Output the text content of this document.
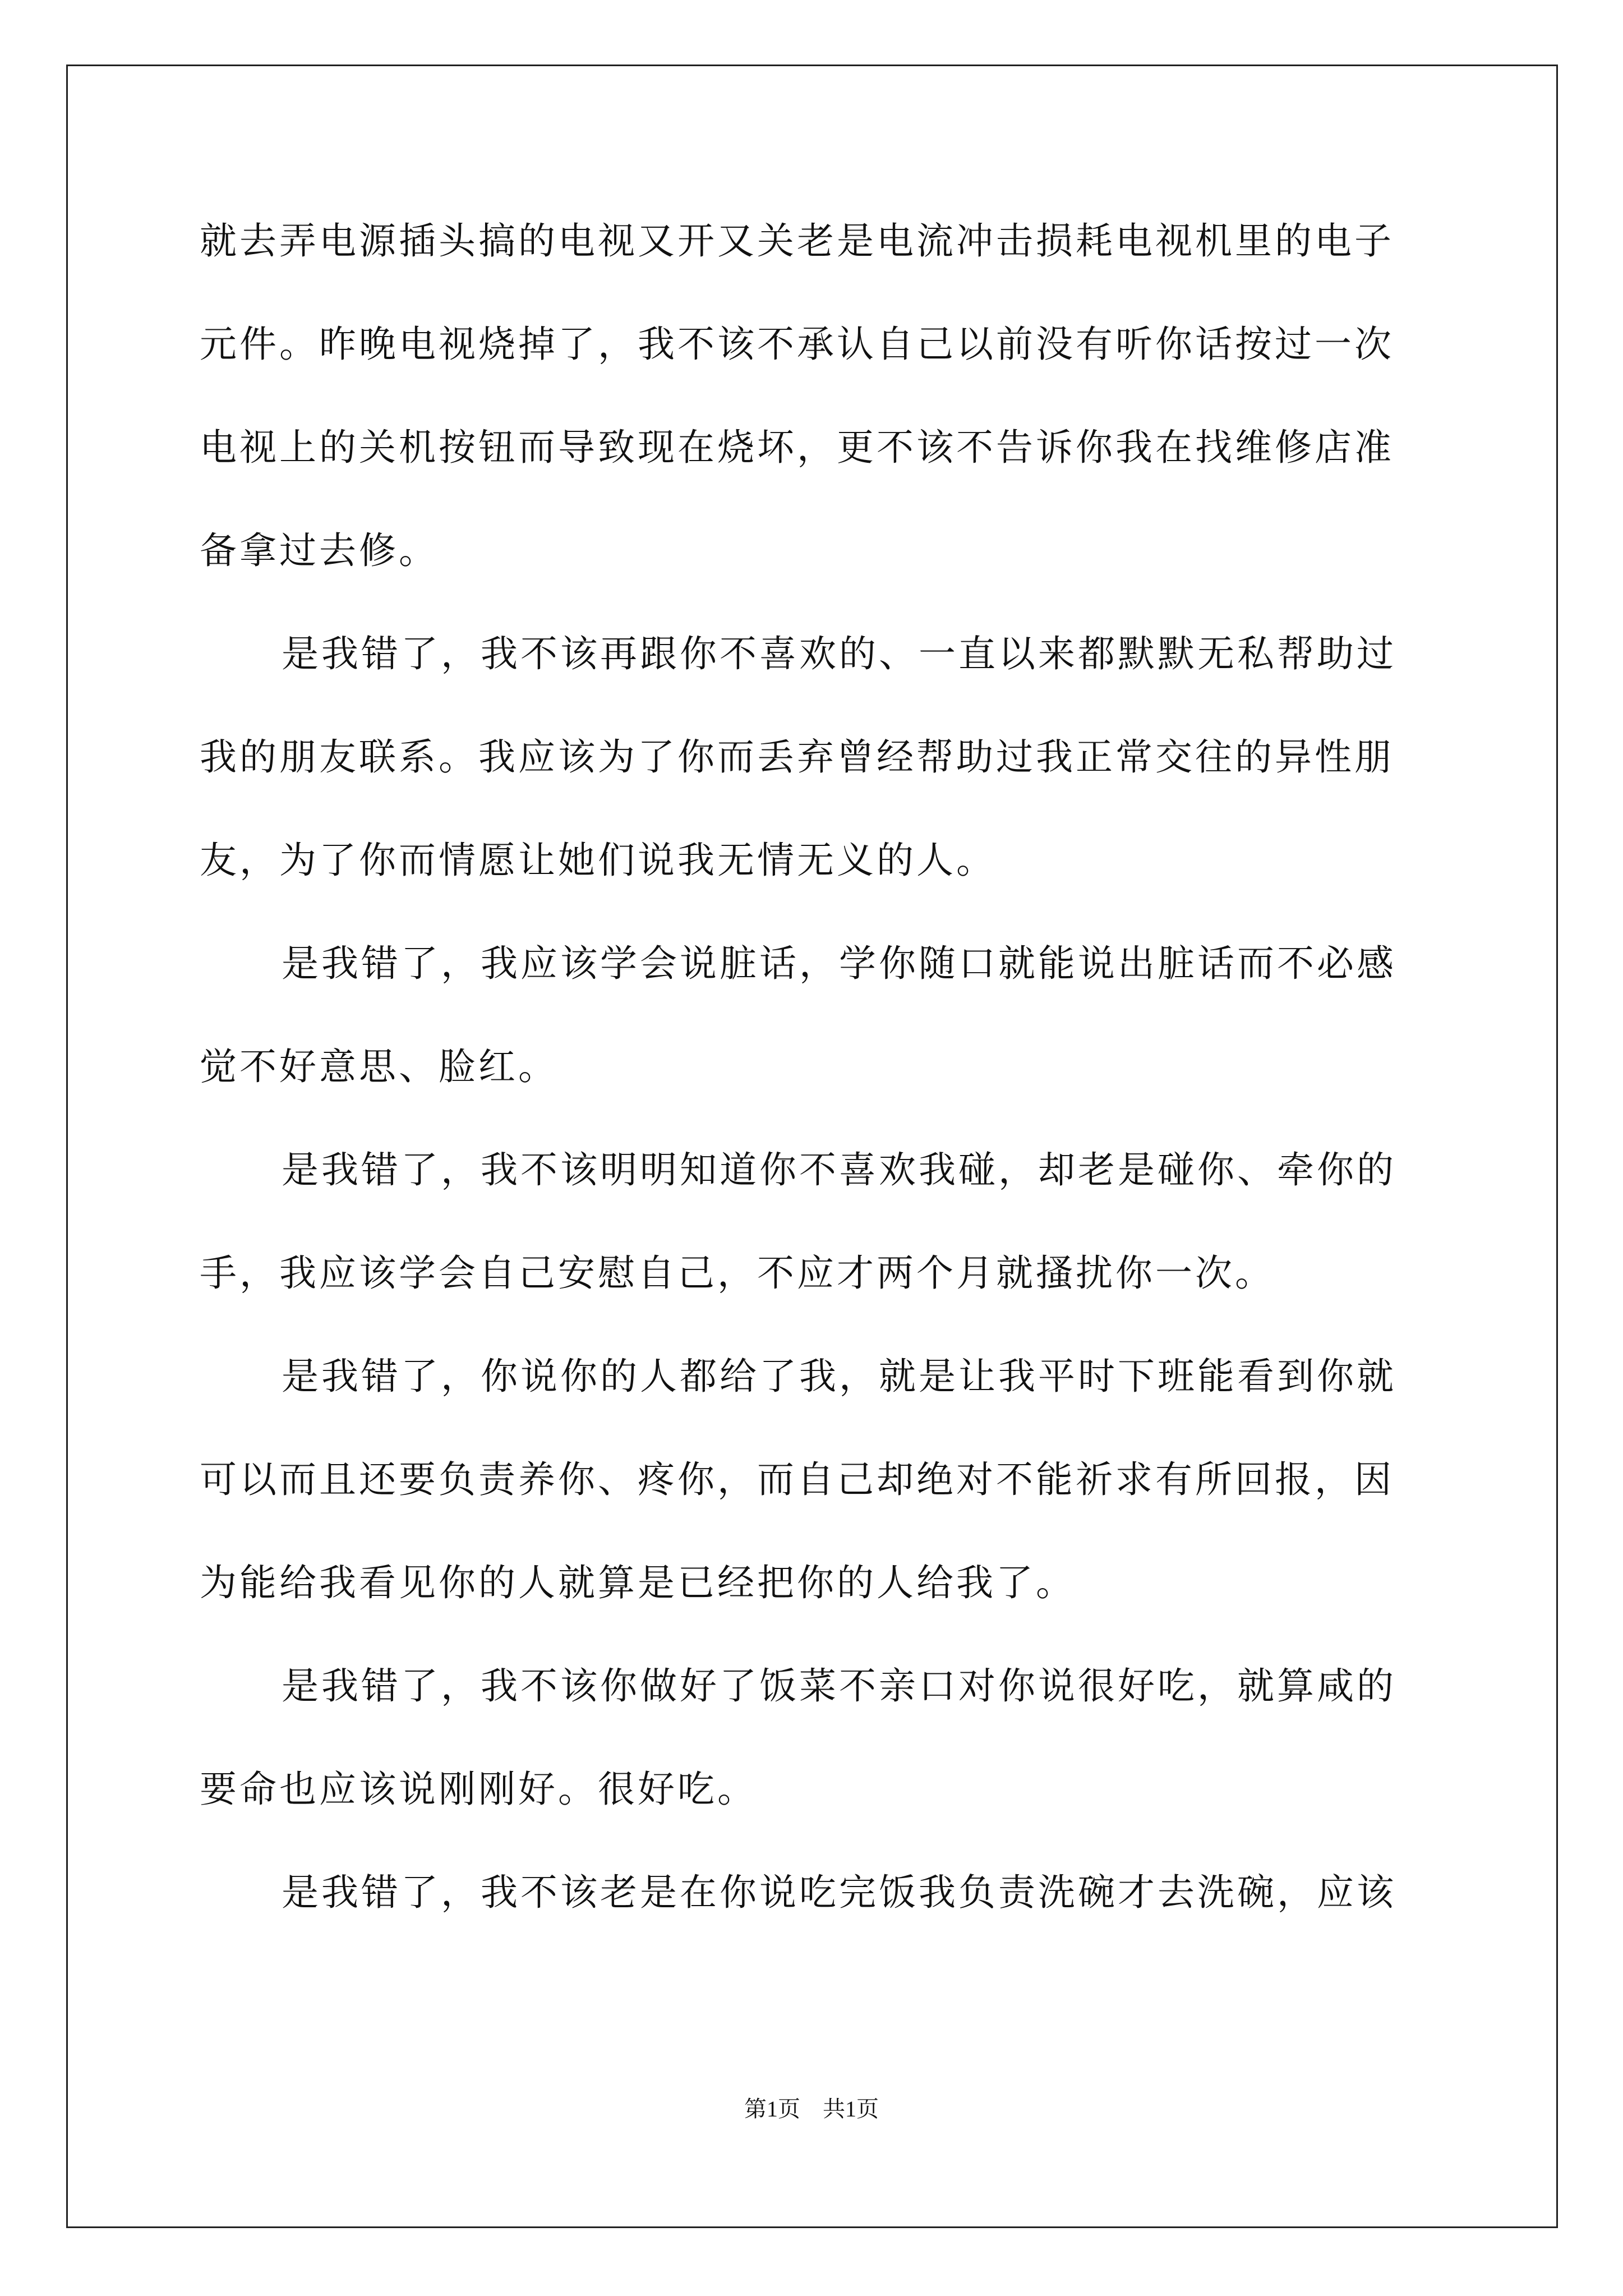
就去弄电源插头搞的电视又开又关老是电流冲击损耗电视机里的电子
元件。昨晚电视烧掉了，我不该不承认自己以前没有听你话按过一次
电视上的关机按钮而导致现在烧坏，更不该不告诉你我在找维修店准
备拿过去修。
是我错了，我不该再跟你不喜欢的、一直以来都默默无私帮助过
我的朋友联系。我应该为了你而丢弃曾经帮助过我正常交往的异性朋
友，为了你而情愿让她们说我无情无义的人。
是我错了，我应该学会说脏话，学你随口就能说出脏话而不必感
觉不好意思、脸红。
是我错了，我不该明明知道你不喜欢我碰，却老是碰你、牵你的
手，我应该学会自己安慰自己，不应才两个月就搔扰你一次。
是我错了，你说你的人都给了我，就是让我平时下班能看到你就
可以而且还要负责养你、疼你，而自己却绝对不能祈求有所回报，因
为能给我看见你的人就算是已经把你的人给我了。
是我错了，我不该你做好了饭菜不亲口对你说很好吃，就算咸的
要命也应该说刚刚好。很好吃。
是我错了，我不该老是在你说吃完饭我负责洗碗才去洗碗，应该
第1页　共1页
